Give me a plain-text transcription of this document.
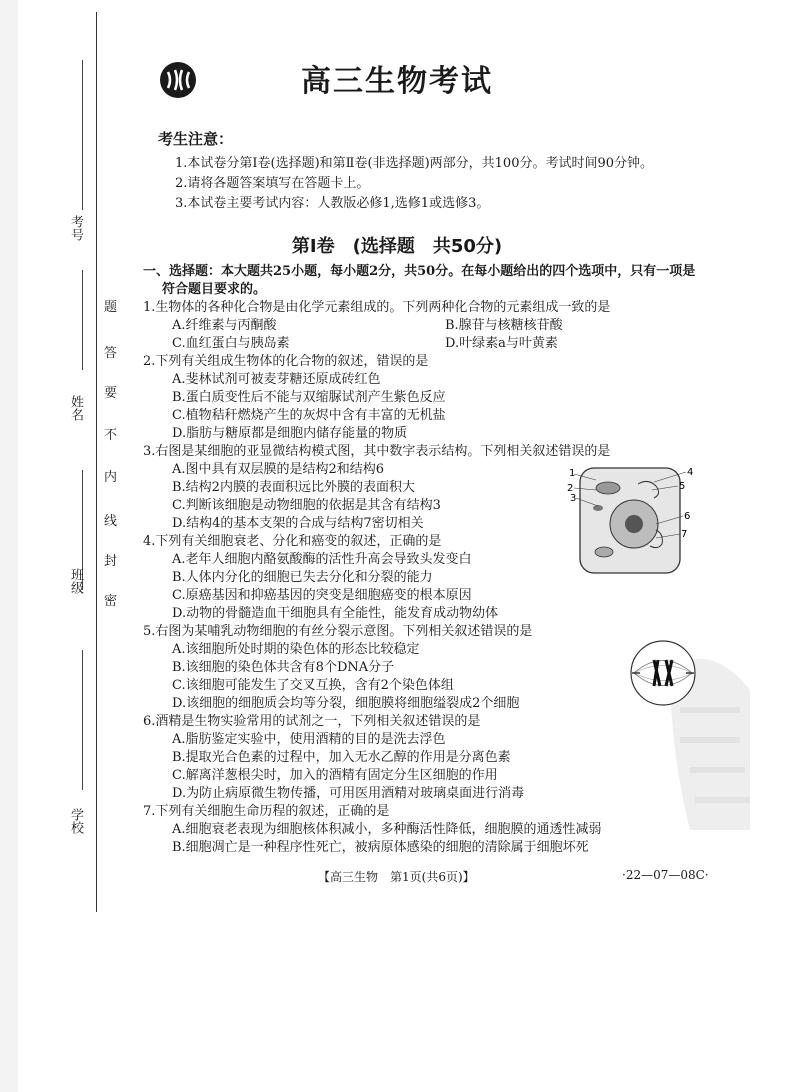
考号
姓名
班级
学校
题
答
要
不
内
线
封
密
高三生物考试
考生注意：
1.本试卷分第Ⅰ卷(选择题)和第Ⅱ卷(非选择题)两部分，共100分。考试时间90分钟。
2.请将各题答案填写在答题卡上。
3.本试卷主要考试内容：人教版必修1,选修1或选修3。
第Ⅰ卷　(选择题　共50分)
一、选择题：本大题共25小题，每小题2分，共50分。在每小题给出的四个选项中，只有一项是
符合题目要求的。
1.生物体的各种化合物是由化学元素组成的。下列两种化合物的元素组成一致的是
A.纤维素与丙酮酸	B.腺苷与核糖核苷酸
C.血红蛋白与胰岛素	D.叶绿素a与叶黄素
2.下列有关组成生物体的化合物的叙述，错误的是
A.斐林试剂可被麦芽糖还原成砖红色
B.蛋白质变性后不能与双缩脲试剂产生紫色反应
C.植物秸秆燃烧产生的灰烬中含有丰富的无机盐
D.脂肪与糖原都是细胞内储存能量的物质
3.右图是某细胞的亚显微结构模式图，其中数字表示结构。下列相关叙述错误的是
A.图中具有双层膜的是结构2和结构6
B.结构2内膜的表面积远比外膜的表面积大
C.判断该细胞是动物细胞的依据是其含有结构3
D.结构4的基本支架的合成与结构7密切相关
1
2
3
4
5
6
7
4.下列有关细胞衰老、分化和癌变的叙述，正确的是
A.老年人细胞内酪氨酸酶的活性升高会导致头发变白
B.人体内分化的细胞已失去分化和分裂的能力
C.原癌基因和抑癌基因的突变是细胞癌变的根本原因
D.动物的骨髓造血干细胞具有全能性，能发育成动物幼体
5.右图为某哺乳动物细胞的有丝分裂示意图。下列相关叙述错误的是
A.该细胞所处时期的染色体的形态比较稳定
B.该细胞的染色体共含有8个DNA分子
C.该细胞可能发生了交叉互换，含有2个染色体组
D.该细胞的细胞质会均等分裂，细胞膜将细胞缢裂成2个细胞
6.酒精是生物实验常用的试剂之一，下列相关叙述错误的是
A.脂肪鉴定实验中，使用酒精的目的是洗去浮色
B.提取光合色素的过程中，加入无水乙醇的作用是分离色素
C.解离洋葱根尖时，加入的酒精有固定分生区细胞的作用
D.为防止病原微生物传播，可用医用酒精对玻璃桌面进行消毒
7.下列有关细胞生命历程的叙述，正确的是
A.细胞衰老表现为细胞核体积减小，多种酶活性降低，细胞膜的通透性减弱
B.细胞凋亡是一种程序性死亡，被病原体感染的细胞的清除属于细胞坏死
【高三生物　第1页(共6页)】	·22—07—08C·
